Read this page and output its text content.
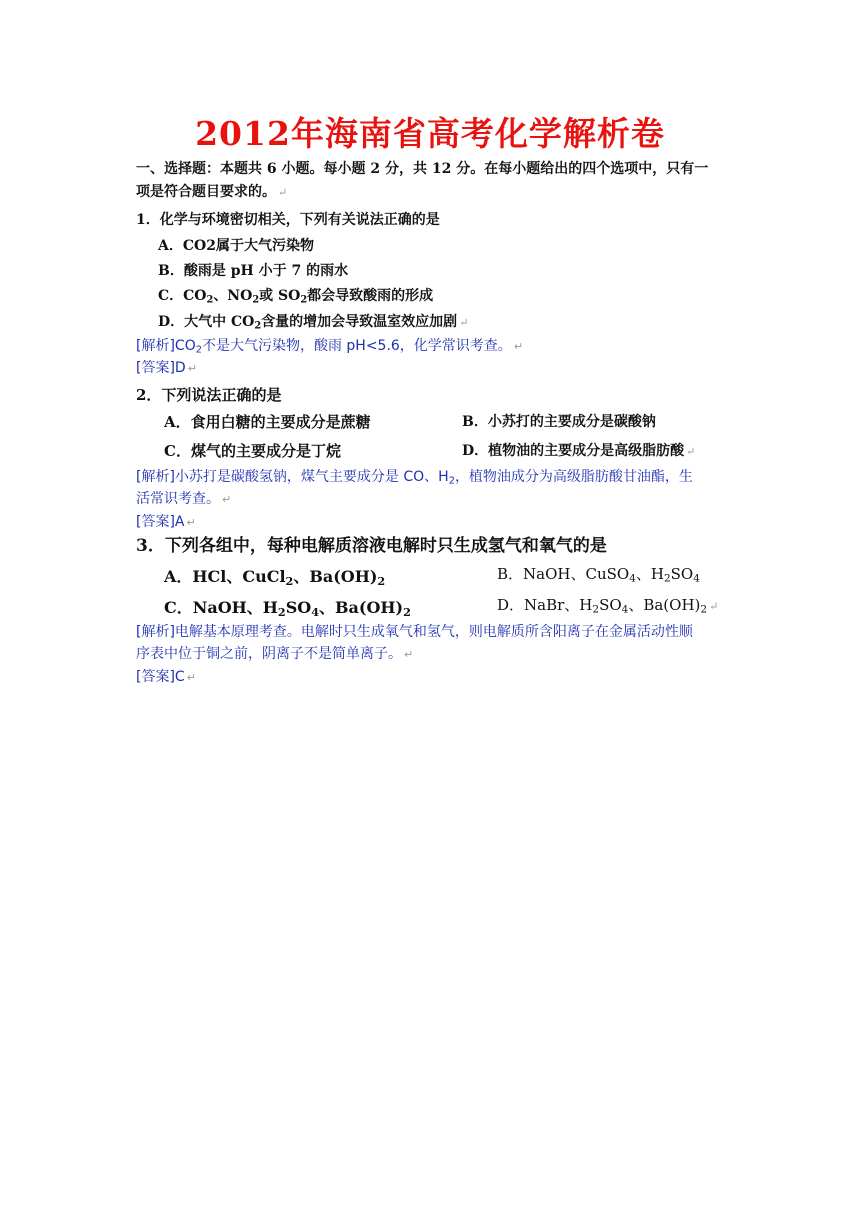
2012年海南省高考化学解析卷
一、选择题：本题共 6 小题。每小题 2 分，共 12 分。在每小题给出的四个选项中，只有一
项是符合题目要求的。 ↵
1．化学与环境密切相关，下列有关说法正确的是
A．CO2属于大气污染物
B．酸雨是 pH 小于 7 的雨水
C．$CO_2$、$NO_2$或 $SO_2$都会导致酸雨的形成
D．大气中 $CO_2$含量的增加会导致温室效应加剧 ↵
[解析]$CO_2$不是大气污染物，酸雨 pH<5.6，化学常识考查。 ↵
[答案]D ↵
2．下列说法正确的是
A．食用白糖的主要成分是蔗糖	B．小苏打的主要成分是碳酸钠
C．煤气的主要成分是丁烷	D．植物油的主要成分是高级脂肪酸 ↵
[解析]小苏打是碳酸氢钠，煤气主要成分是 CO、$H_2$，植物油成分为高级脂肪酸甘油酯，生
活常识考查。 ↵
[答案]A ↵
3．下列各组中，每种电解质溶液电解时只生成氢气和氧气的是
A．HCl、CuCl$_2$、$Ba(OH)_2$	B．NaOH、CuSO$_4$、$H_2SO_4$
C．NaOH、$H_2SO_4$、$Ba(OH)_2$	D．NaBr、$H_2SO_4$、$Ba(OH)_2$ ↵
[解析]电解基本原理考查。电解时只生成氧气和氢气，则电解质所含阳离子在金属活动性顺
序表中位于铜之前，阴离子不是简单离子。 ↵
[答案]C ↵
